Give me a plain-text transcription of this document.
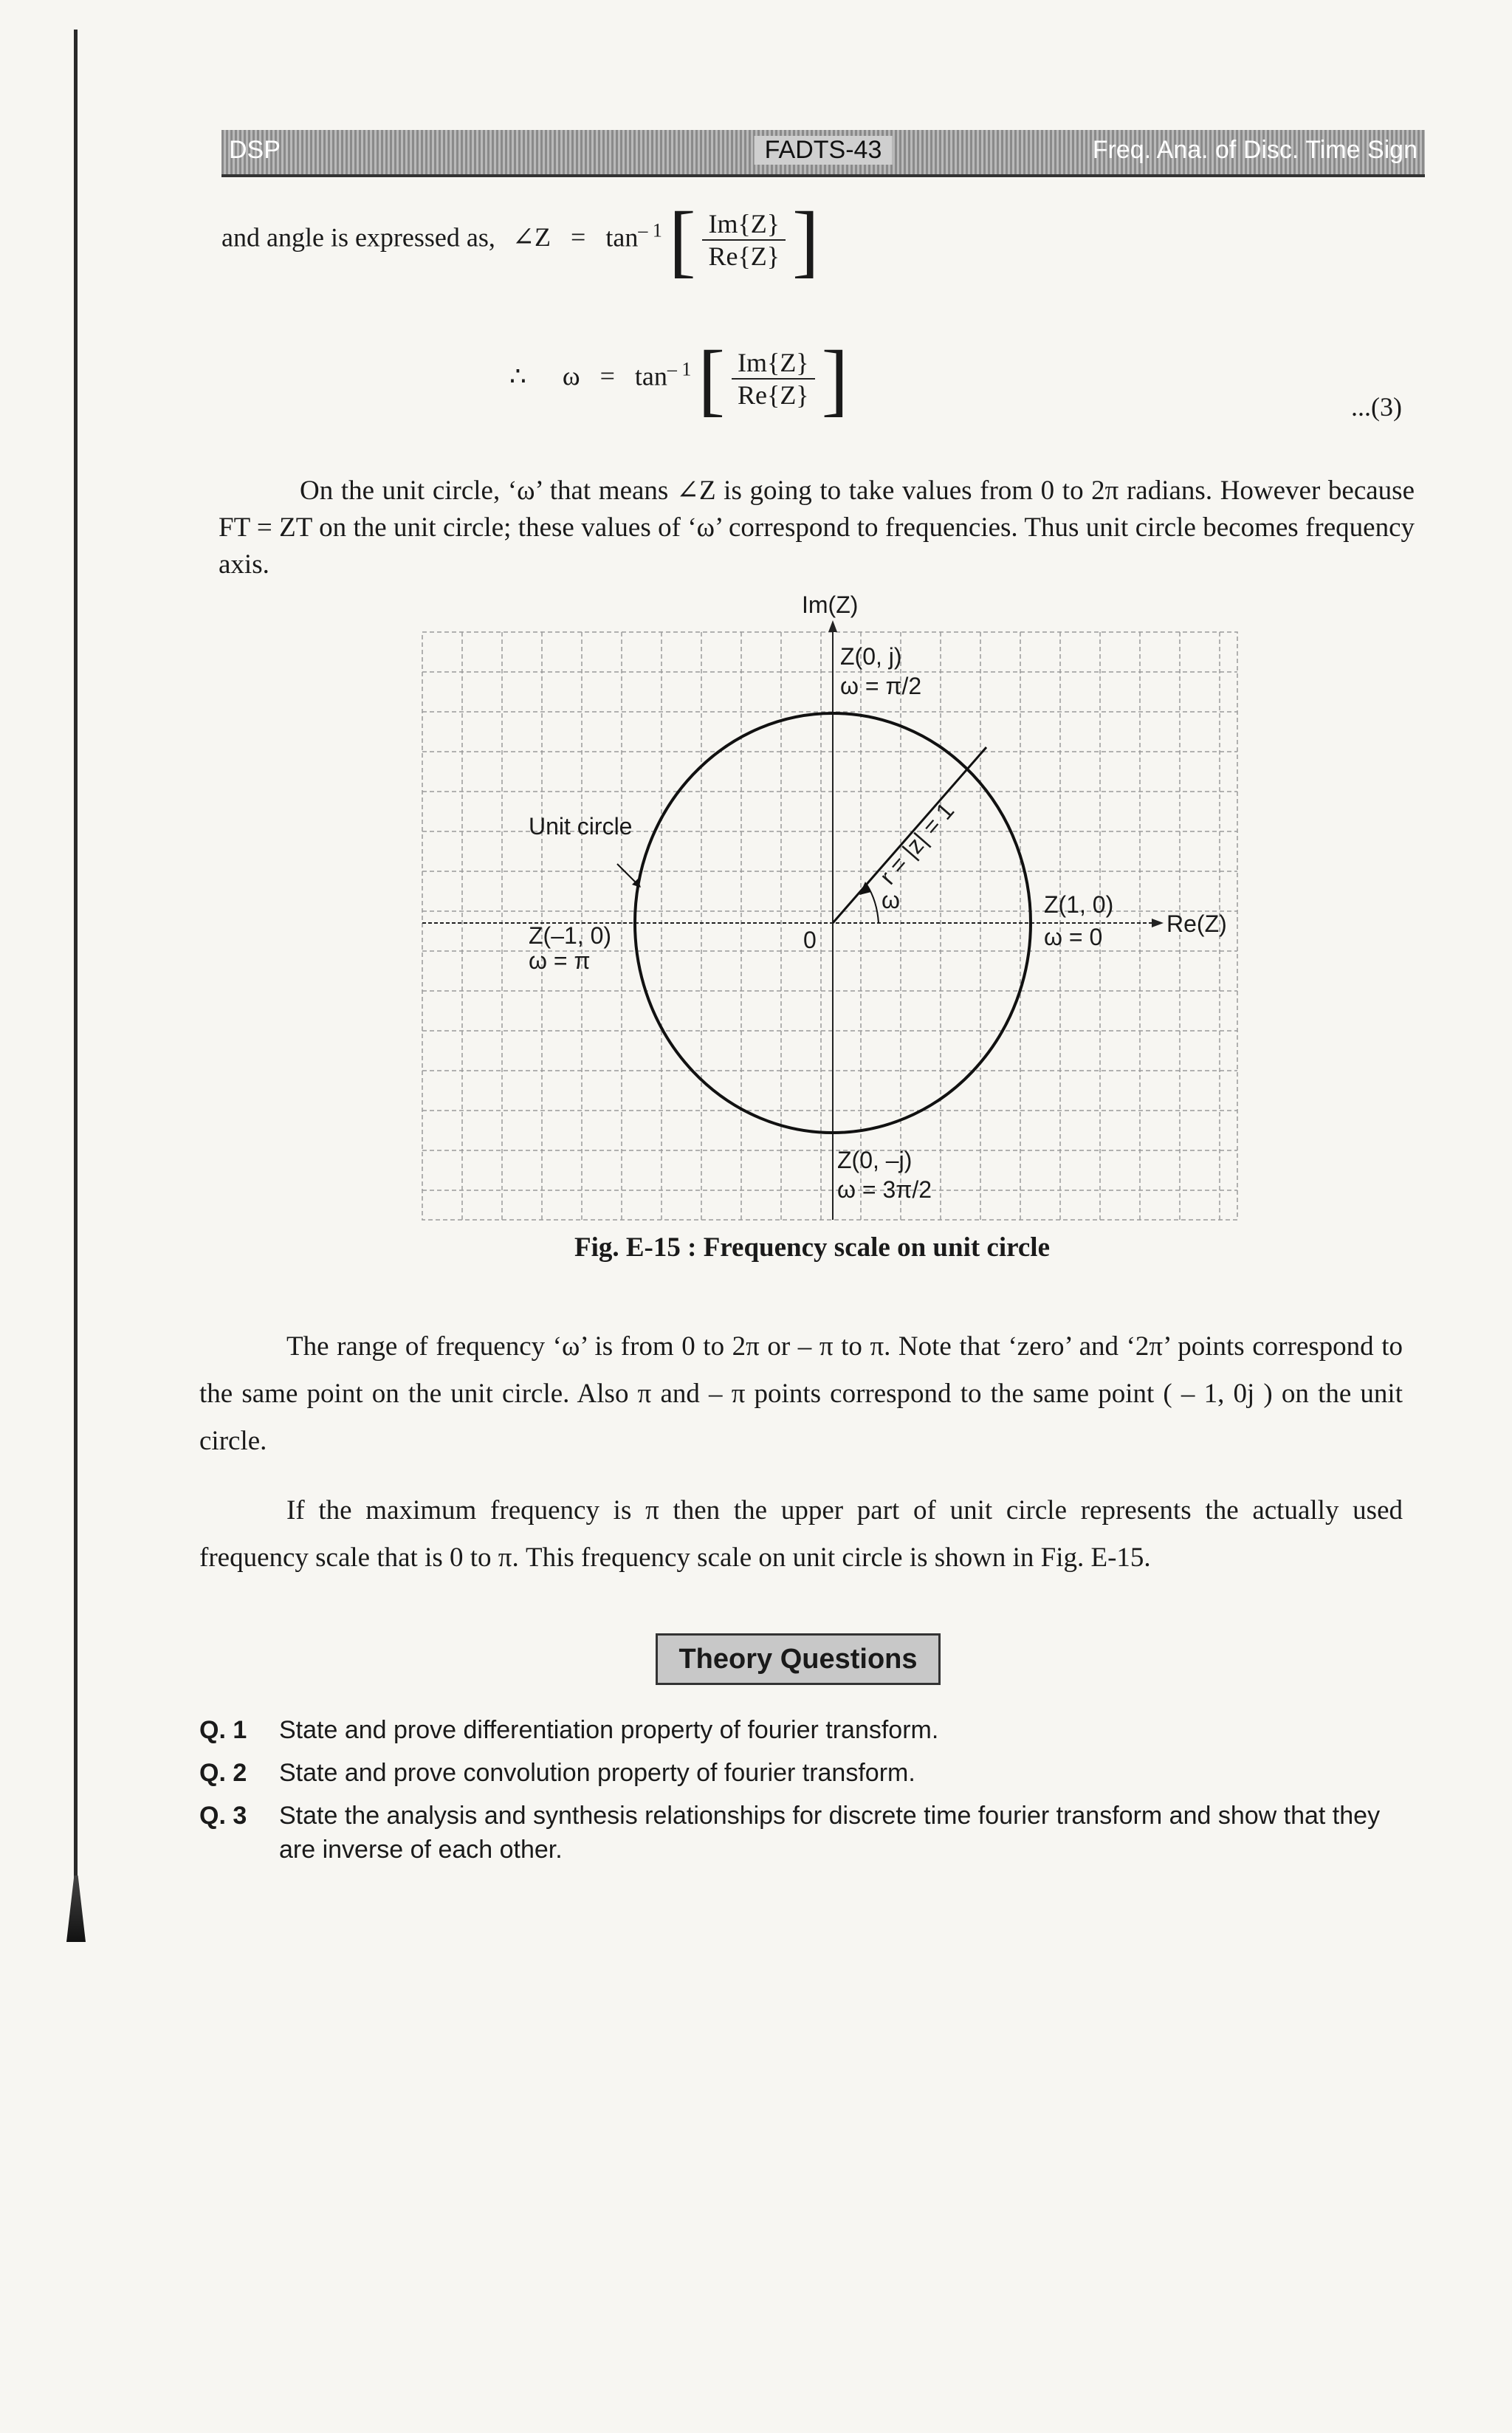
DSP	FADTS-43	Freq. Ana. of Disc. Time Sign
and angle is expressed as, ∠Z = $\tan^{- 1}$ [ $\frac{Im\{Z\}}{Re\{Z\}}$ ]
∴ $\omega = \tan^{- 1}$ [ $\frac{Im\{Z\}}{Re\{Z\}}$ ]	...(3)
On the unit circle, ‘ω’ that means ∠Z is going to take values from 0 to 2π radians. However because FT = ZT on the unit circle; these values of ‘ω’ correspond to frequencies. Thus unit circle becomes frequency axis.
Im(Z)
Z(0, j)
ω = π/2
Unit circle
Z(–1, 0)
ω = π
0
ω
r = |z| = 1
Z(1, 0)
ω = 0	Re(Z)
Z(0, –j)
ω = 3π/2
Fig. E-15 : Frequency scale on unit circle
The range of frequency ‘ω’ is from 0 to 2π or – π to π. Note that ‘zero’ and ‘2π’ points correspond to the same point on the unit circle. Also π and – π points correspond to the same point ( – 1, 0j ) on the unit circle.
If the maximum frequency is π then the upper part of unit circle represents the actually used frequency scale that is 0 to π. This frequency scale on unit circle is shown in Fig. E-15.
Theory Questions
Q. 1 State and prove differentiation property of fourier transform.
Q. 2 State and prove convolution property of fourier transform.
Q. 3 State the analysis and synthesis relationships for discrete time fourier transform and show that they are inverse of each other.
